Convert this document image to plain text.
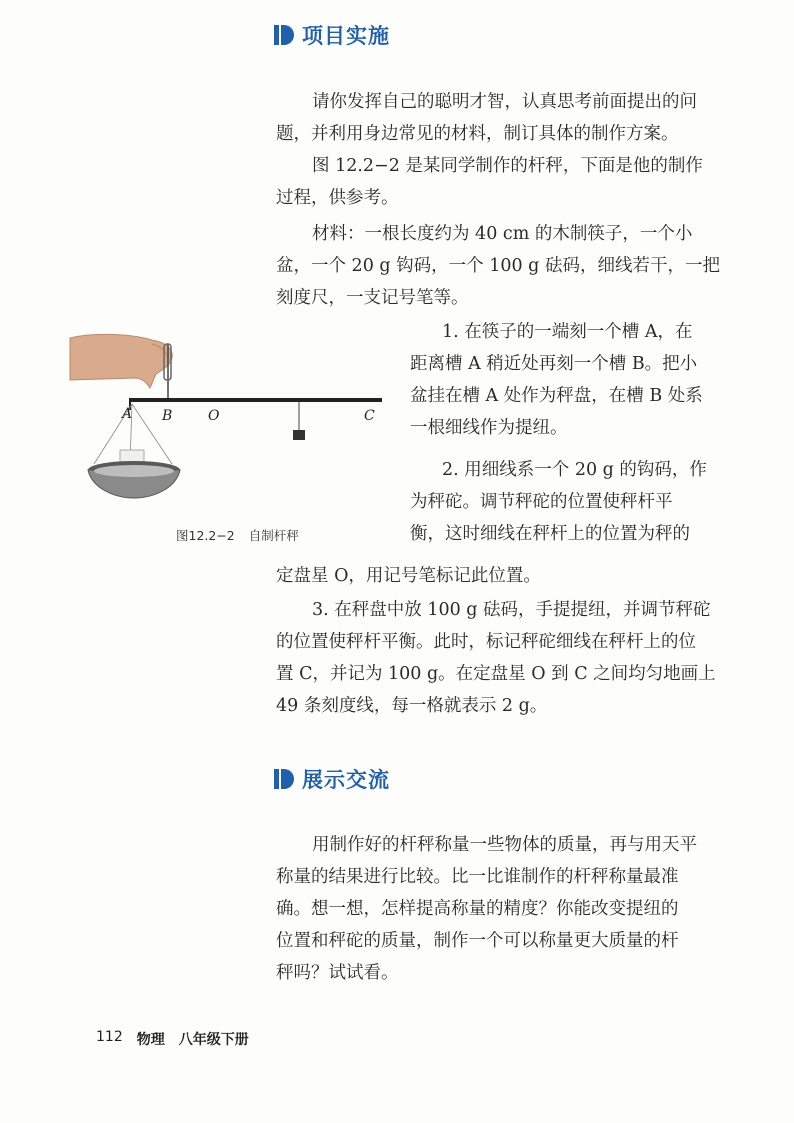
项目实施

请你发挥自己的聪明才智，认真思考前面提出的问
题，并利用身边常见的材料，制订具体的制作方案。

图 12.2−2 是某同学制作的杆秤，下面是他的制作
过程，供参考。

材料：一根长度约为 40 cm 的木制筷子，一个小
盆，一个 20 g 钩码，一个 100 g 砝码，细线若干，一把
刻度尺，一支记号笔等。

1. 在筷子的一端刻一个槽 A，在
距离槽 A 稍近处再刻一个槽 B。把小
盆挂在槽 A 处作为秤盘，在槽 B 处系
一根细线作为提纽。

2. 用细线系一个 20 g 的钩码，作
为秤砣。调节秤砣的位置使秤杆平
衡，这时细线在秤杆上的位置为秤的

定盘星 O，用记号笔标记此位置。

3. 在秤盘中放 100 g 砝码，手提提纽，并调节秤砣
的位置使秤杆平衡。此时，标记秤砣细线在秤杆上的位
置 C，并记为 100 g。在定盘星 O 到 C 之间均匀地画上
49 条刻度线，每一格就表示 2 g。

A B	O	C
图12.2−2 自制杆秤
展示交流

用制作好的杆秤称量一些物体的质量，再与用天平
称量的结果进行比较。比一比谁制作的杆秤称量最准
确。想一想，怎样提高称量的精度？你能改变提纽的
位置和秤砣的质量，制作一个可以称量更大质量的杆
秤吗？试试看。

112 物理 八年级下册
